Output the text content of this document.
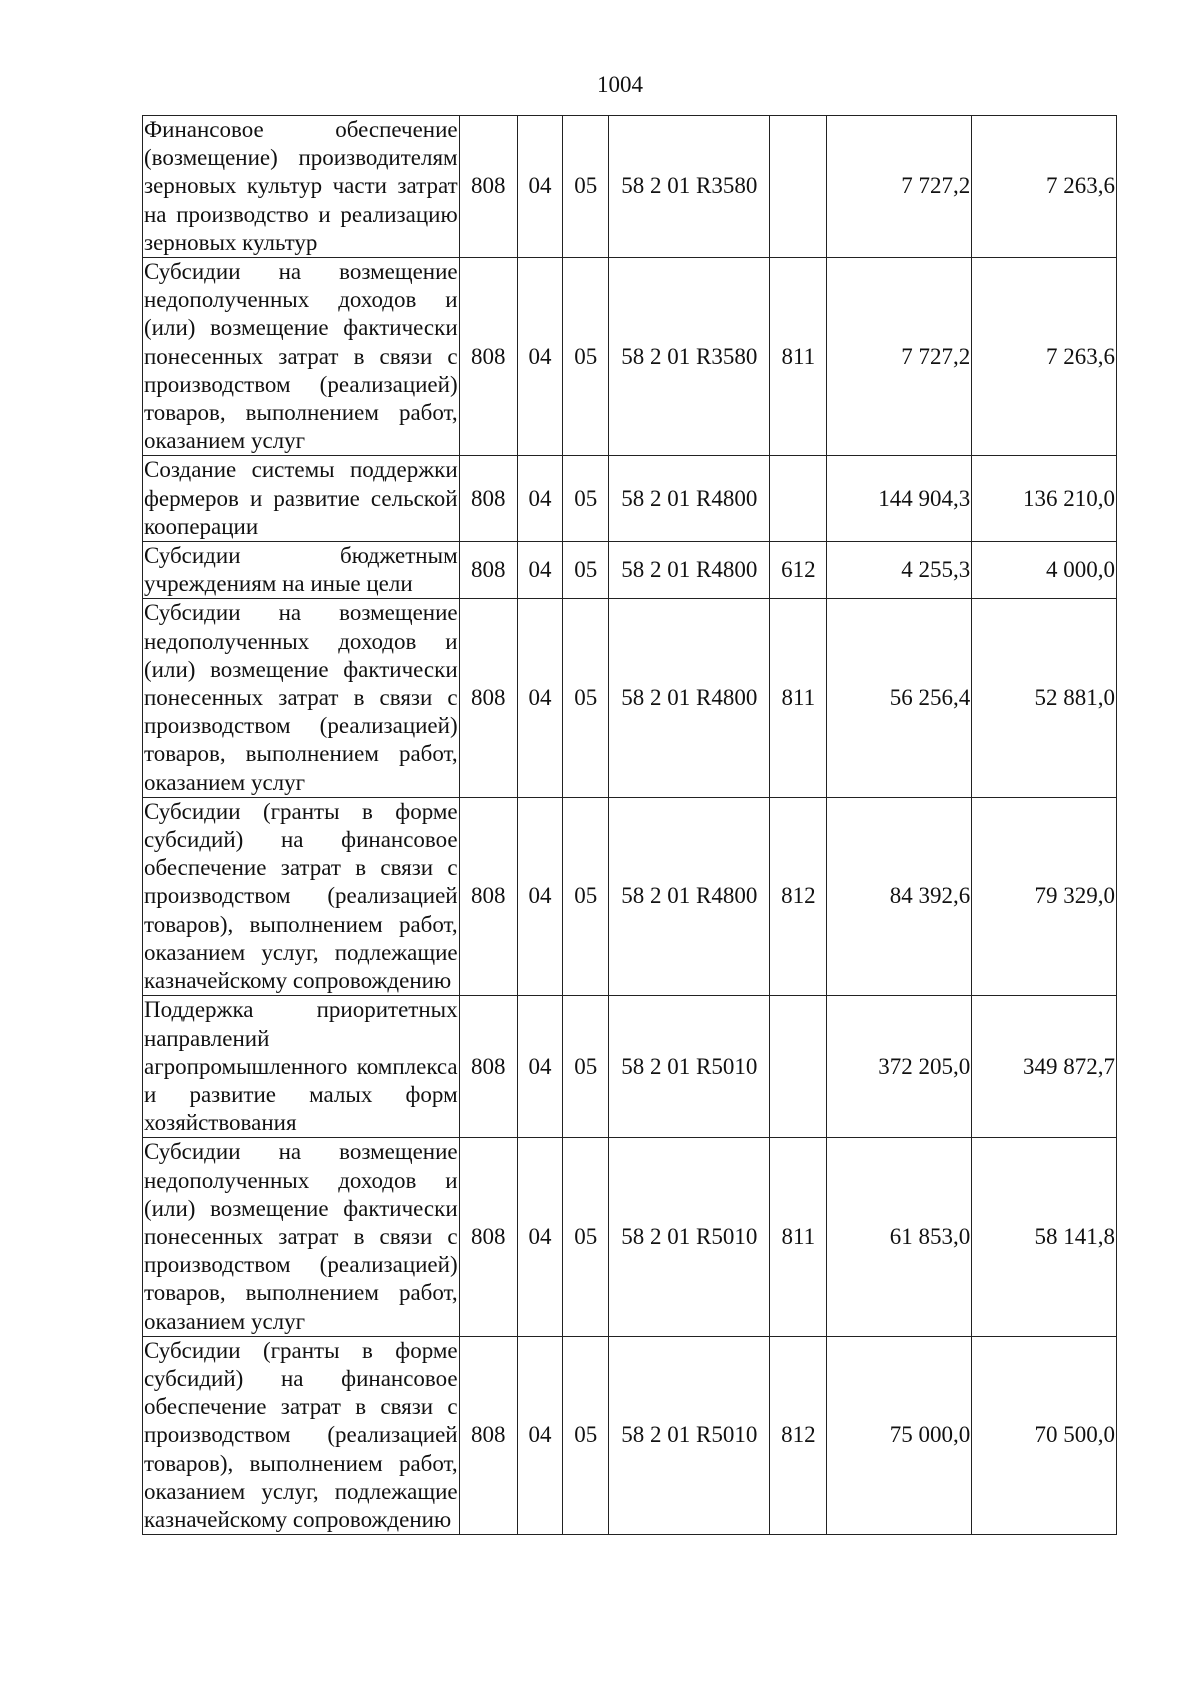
1004
Финансовое обеспечение (возмещение) производителям зерновых культур части затрат на производство и реализацию зерновых культур	808	04	05	58 2 01 R3580		7 727,2	7 263,6
Субсидии на возмещение недополученных доходов и (или) возмещение фактически понесенных затрат в связи с производством (реализацией) товаров, выполнением работ, оказанием услуг	808	04	05	58 2 01 R3580	811	7 727,2	7 263,6
Создание системы поддержки фермеров и развитие сельской кооперации	808	04	05	58 2 01 R4800		144 904,3	136 210,0
Субсидии бюджетным учреждениям на иные цели	808	04	05	58 2 01 R4800	612	4 255,3	4 000,0
Субсидии на возмещение недополученных доходов и (или) возмещение фактически понесенных затрат в связи с производством (реализацией) товаров, выполнением работ, оказанием услуг	808	04	05	58 2 01 R4800	811	56 256,4	52 881,0
Субсидии (гранты в форме субсидий) на финансовое обеспечение затрат в связи с производством (реализацией товаров), выполнением работ, оказанием услуг, подлежащие казначейскому сопровождению	808	04	05	58 2 01 R4800	812	84 392,6	79 329,0
Поддержка приоритетных направлений агропромышленного комплекса и развитие малых форм хозяйствования	808	04	05	58 2 01 R5010		372 205,0	349 872,7
Субсидии на возмещение недополученных доходов и (или) возмещение фактически понесенных затрат в связи с производством (реализацией) товаров, выполнением работ, оказанием услуг	808	04	05	58 2 01 R5010	811	61 853,0	58 141,8
Субсидии (гранты в форме субсидий) на финансовое обеспечение затрат в связи с производством (реализацией товаров), выполнением работ, оказанием услуг, подлежащие казначейскому сопровождению	808	04	05	58 2 01 R5010	812	75 000,0	70 500,0
